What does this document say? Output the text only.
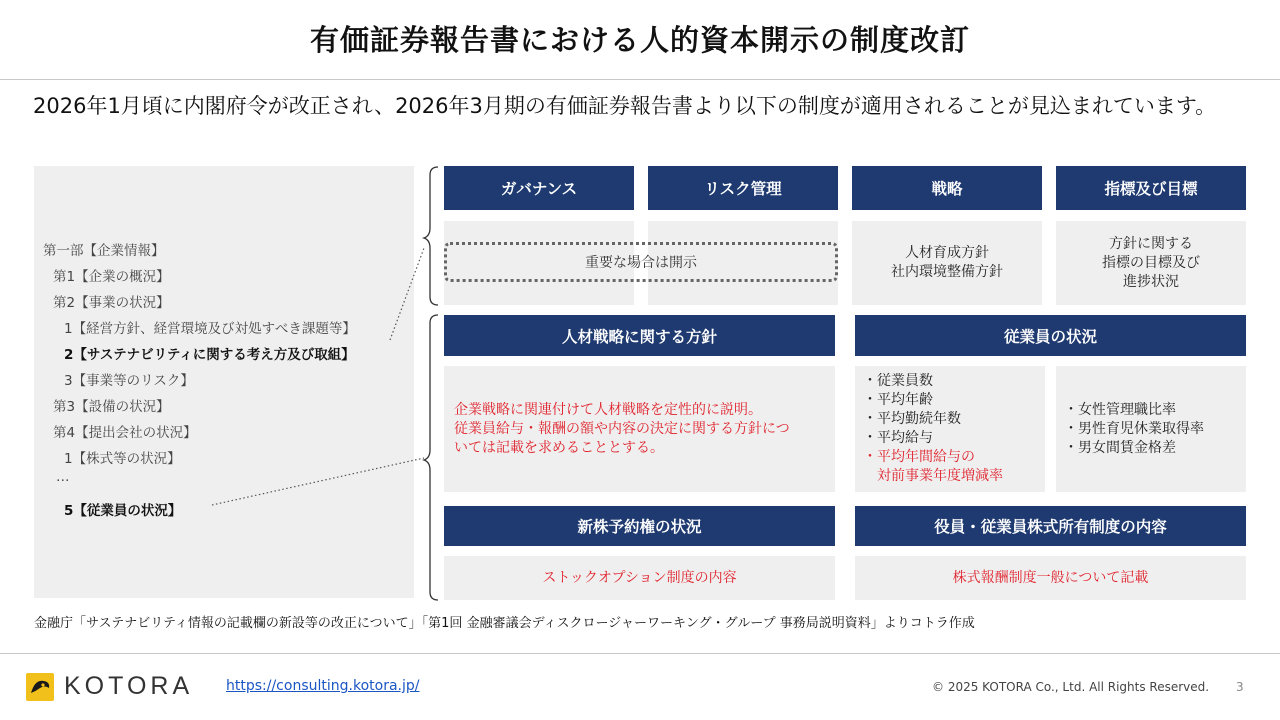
有価証券報告書における人的資本開示の制度改訂
2026年1月頃に内閣府令が改正され、2026年3月期の有価証券報告書より以下の制度が適用されることが見込まれています。
第一部【企業情報】
第1【企業の概況】
第2【事業の状況】
1【経営方針、経営環境及び対処すべき課題等】
2【サステナビリティに関する考え方及び取組】
3【事業等のリスク】
第3【設備の状況】
第4【提出会社の状況】
1【株式等の状況】
…
5【従業員の状況】
ガバナンス	リスク管理	戦略	指標及び目標
重要な場合は開示
人材育成方針
社内環境整備方針
方針に関する
指標の目標及び
進捗状況
人材戦略に関する方針
企業戦略に関連付けて人材戦略を定性的に説明。
従業員給与・報酬の額や内容の決定に関する方針につ
いては記載を求めることとする。
従業員の状況
・従業員数
・平均年齢
・平均勤続年数
・平均給与
・平均年間給与の
　対前事業年度増減率
・女性管理職比率
・男性育児休業取得率
・男女間賃金格差
新株予約権の状況
ストックオプション制度の内容
役員・従業員株式所有制度の内容
株式報酬制度一般について記載
金融庁「サステナビリティ情報の記載欄の新設等の改正について」「第1回 金融審議会ディスクロージャーワーキング・グループ 事務局説明資料」よりコトラ作成
KOTORA https://consulting.kotora.jp/	© 2025 KOTORA Co., Ltd. All Rights Reserved. 3
